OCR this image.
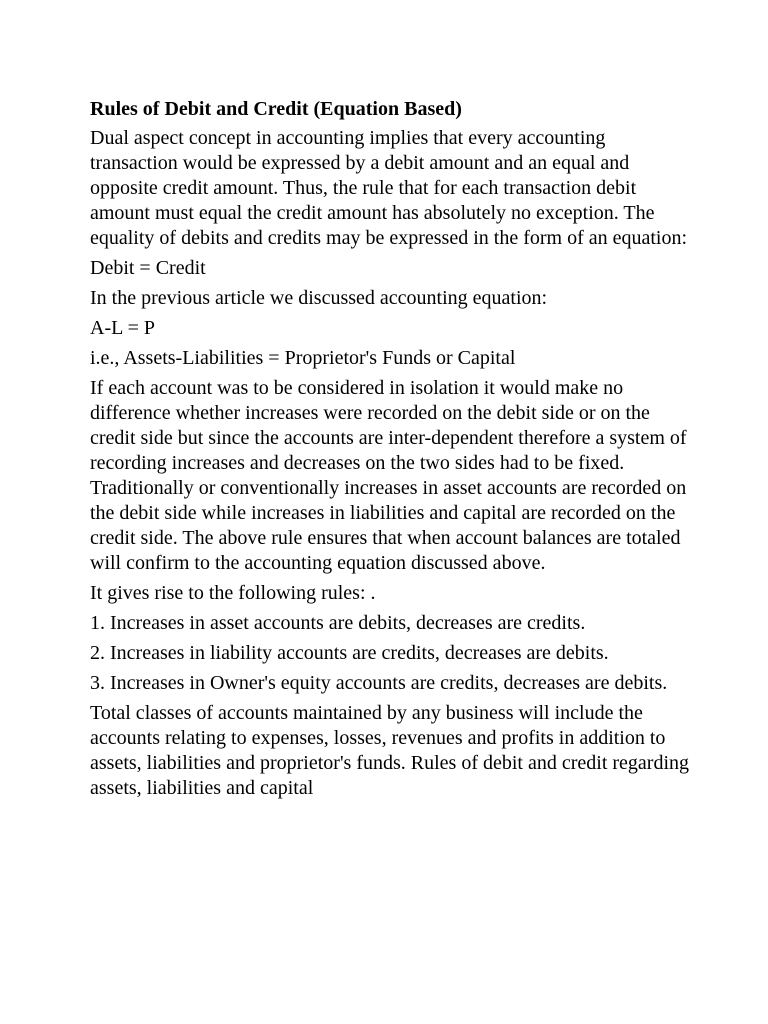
Rules of Debit and Credit (Equation Based)
Dual aspect concept in accounting implies that every accounting transaction would be expressed by a debit amount and an equal and opposite credit amount. Thus, the rule that for each transaction debit amount must equal the credit amount has absolutely no exception. The equality of debits and credits may be expressed in the form of an equation:
Debit = Credit
In the previous article we discussed accounting equation:
A-L = P
i.e., Assets-Liabilities = Proprietor's Funds or Capital
If each account was to be considered in isolation it would make no difference whether increases were recorded on the debit side or on the credit side but since the accounts are inter-dependent therefore a system of recording increases and decreases on the two sides had to be fixed. Traditionally or conventionally increases in asset accounts are recorded on the debit side while increases in liabilities and capital are recorded on the credit side. The above rule ensures that when account balances are totaled will confirm to the accounting equation discussed above.
It gives rise to the following rules: .
1. Increases in asset accounts are debits, decreases are credits.
2. Increases in liability accounts are credits, decreases are debits.
3. Increases in Owner's equity accounts are credits, decreases are debits.
Total classes of accounts maintained by any business will include the accounts relating to expenses, losses, revenues and profits in addition to assets, liabilities and proprietor's funds. Rules of debit and credit regarding assets, liabilities and capital
